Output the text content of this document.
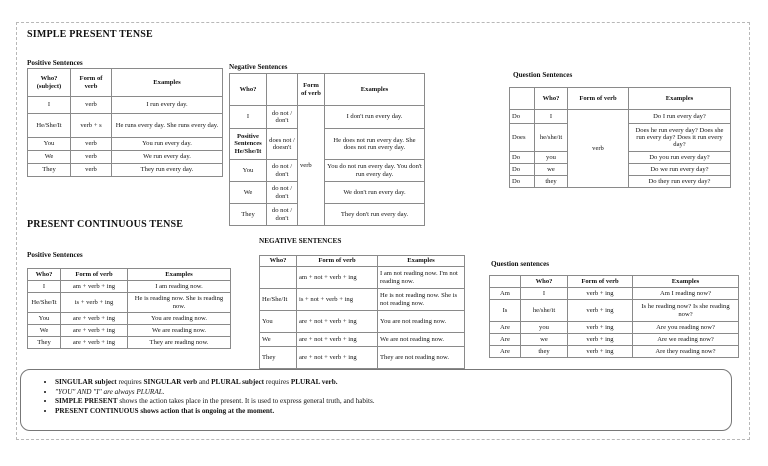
SIMPLE PRESENT TENSE
Positive Sentences
Who? (subject)	Form of verb	Examples
I	verb	I run every day.
He/She/It	verb + s	He runs every day. She runs every day.
You	verb	You run every day.
We	verb	We run every day.
They	verb	They run every day.
Negative Sentences
Who?		Form of verb	Examples
I	do not / don't	verb	I don't run every day.
Positive Sentences He/She/It	does not / doesn't		He does not run every day. She does not run every day.
You	do not / don't		You do not run every day. You don't run every day.
We	do not / don't		We don't run every day.
They	do not / don't		They don't run every day.
Question Sentences
	Who?	Form of verb	Examples
Do	I	verb	Do I run every day?
Does	he/she/it		Does he run every day? Does she run every day? Does it run every day?
Do	you		Do you run every day?
Do	we		Do we run every day?
Do	they		Do they run every day?
PRESENT CONTINUOUS TENSE
Positive Sentences
Who?	Form of verb	Examples
I	am + verb + ing	I am reading now.
He/She/It	is + verb + ing	He is reading now. She is reading now.
You	are + verb + ing	You are reading now.
We	are + verb + ing	We are reading now.
They	are + verb + ing	They are reading now.
NEGATIVE SENTENCES
Who?	Form of verb	Examples
	am + not + verb + ing	I am not reading now. I'm not reading now.
He/She/It	is + not + verb + ing	He is not reading now. She is not reading now.
You	are + not + verb + ing	You are not reading now.
We	are + not + verb + ing	We are not reading now.
They	are + not + verb + ing	They are not reading now.
Question sentences
	Who?	Form of verb	Examples
Am	I	verb + ing	Am I reading now?
Is	he/she/it	verb + ing	Is he reading now? Is she reading now?
Are	you	verb + ing	Are you reading now?
Are	we	verb + ing	Are we reading now?
Are	they	verb + ing	Are they reading now?
• SINGULAR subject requires SINGULAR verb and PLURAL subject requires PLURAL verb.
• "YOU" AND "I" are always PLURAL.
• SIMPLE PRESENT shows the action takes place in the present. It is used to express general truth, and habits.
• PRESENT CONTINUOUS shows action that is ongoing at the moment.
